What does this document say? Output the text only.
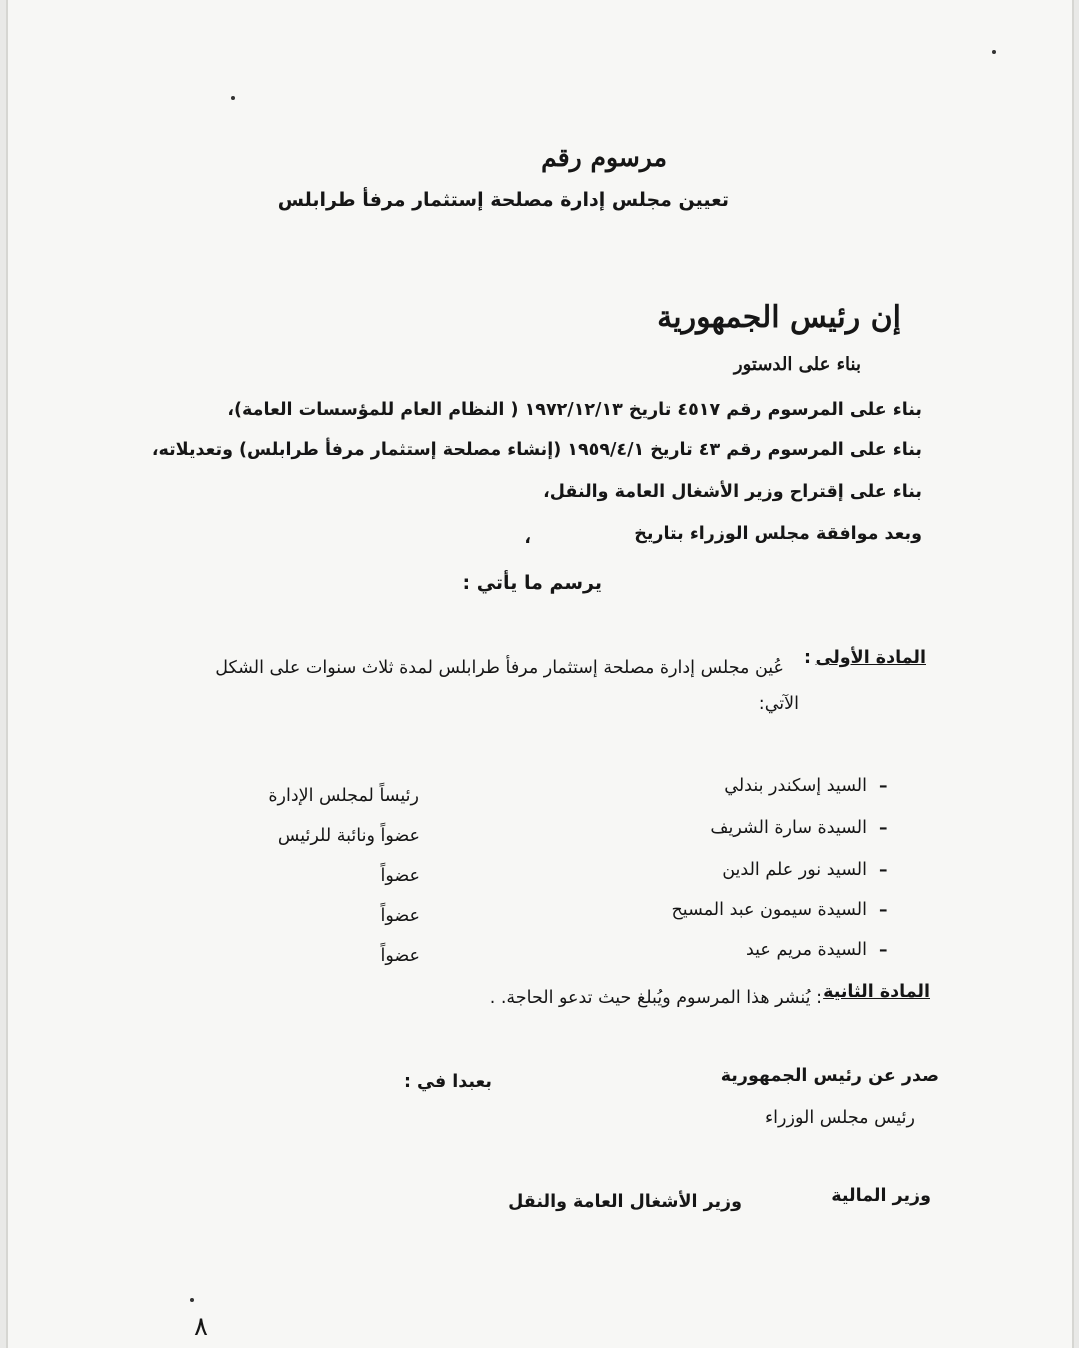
مرسوم رقم
تعيين مجلس إدارة مصلحة إستثمار مرفأ طرابلس
إن رئيس الجمهورية
بناء على الدستور
بناء على المرسوم رقم ٤٥١٧ تاريخ ١٩٧٢/١٢/١٣ ( النظام العام للمؤسسات العامة)،
بناء على المرسوم رقم ٤٣ تاريخ ١٩٥٩/٤/١ (إنشاء مصلحة إستثمار مرفأ طرابلس) وتعديلاته،
بناء على إقتراح وزير الأشغال العامة والنقل،
وبعد موافقة مجلس الوزراء بتاريخ
،
يرسم ما يأتي :
المادة الأولى
:
عُين مجلس إدارة مصلحة إستثمار مرفأ طرابلس لمدة ثلاث سنوات على الشكل
الآتي:
–
السيد إسكندر بندلي
رئيساً لمجلس الإدارة
–
السيدة سارة الشريف
عضواً ونائبة للرئيس
–
السيد نور علم الدين
عضواً
–
السيدة سيمون عبد المسيح
عضواً
–
السيدة مريم عيد
عضواً
المادة الثانية
: يُنشر هذا المرسوم ويُبلغ حيث تدعو الحاجة. .
صدر عن رئيس الجمهورية
بعبدا في :
رئيس مجلس الوزراء
وزير المالية
وزير الأشغال العامة والنقل
٨
